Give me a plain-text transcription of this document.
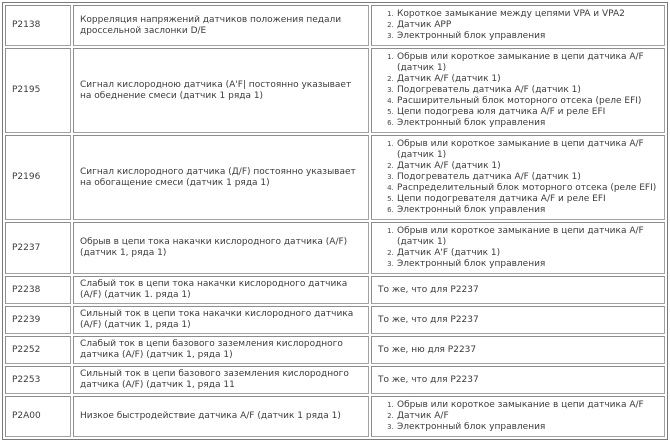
P2138	Корреляция напряжений датчиков положения педали дроссельной заслонки D/E	
1. Короткое замыкание между цепями VPA и VPA2
2. Датчик APP
3. Электронный блок управления

P2195	Сигнал кислородною датчика (А'F| постоянно указывает на обеднение смеси (датчик 1 ряда 1)	
1. Обрыв или короткое замыкание в цепи датчика A/F (датчик 1)
2. Датчик A/F (датчик 1)
3. Подогреватель датчика A/F (датчик 1)
4. Расширительный блок моторного отсека (реле EFI)
5. Цепи подогрева юля датчика A/F и реле EFI
6. Электронный блок управления

P2196	Сигнал кислородного датчика (Д/F) постоянно указывает на обогащение смеси (датчик 1 ряда 1)	
1. Обрыв или короткое замыкание в цепи датчика A/F (датчик 1)
2. Датчик A/F (датчик 1)
3. Подогреватель датчика A/F (датчик 1)
4. Распределительный блок моторного отсека (реле EFI)
5. Цепи подогревателя датчика A/F и реле EFI
6. Электронный блок управления

P2237	Обрыв в цепи тока накачки кислородного датчика (A/F) (датчик 1, ряда 1)	
1. Обрыв или короткое замыкание в цепи датчика A/F (датчик 1)
2. Датчик А'F (датчик 1)
3. Электронный блок управления

P2238	Слабый ток в цепи тока накачки кислородного датчика (A/F) (датчик 1. ряда 1)	То же, что для P2237
P2239	Сильный ток в цепи тока накачки кислородного датчика (A/F) (датчик 1, ряда 1)	То же, что для P2237
P2252	Слабый ток в цепи базового заземления кислородного датчика (A/F) (датчик 1, ряда 1)	То же, ню для P2237
P2253	Сильный ток в цепи базового заземления кислородного датчика (A/F) (датчик 1, ряда 11	То же, что для P2237
P2A00	Низкое быстродействие датчика A/F (датчик 1 ряда 1)	
1. Обрыв или короткое замыкание в цепи датчика A/F
2. Датчик A/F
3. Электронный блок управления
